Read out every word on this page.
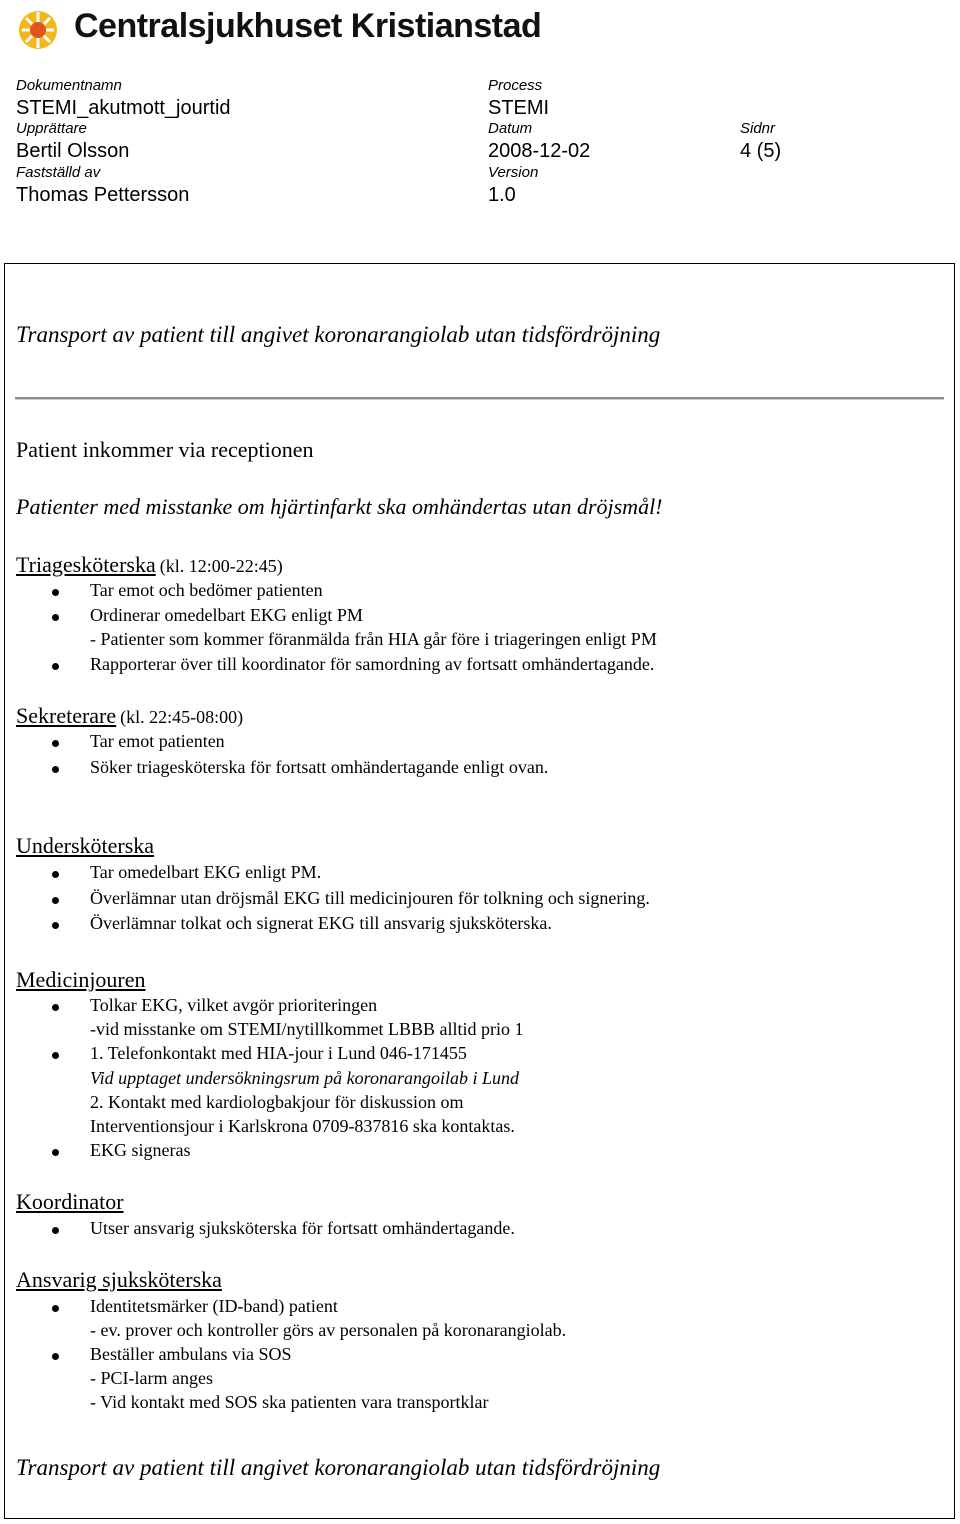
Centralsjukhuset Kristianstad
Dokumentnamn
STEMI_akutmott_jourtid
Process
STEMI
Upprättare
Bertil Olsson
Datum
2008-12-02
Sidnr
4 (5)
Fastställd av
Thomas Pettersson
Version
1.0
Transport av patient till angivet koronarangiolab utan tidsfördröjning
Patient inkommer via receptionen
Patienter med misstanke om hjärtinfarkt ska omhändertas utan dröjsmål!
Triagesköterska (kl. 12:00-22:45)
Tar emot och bedömer patienten
Ordinerar omedelbart EKG enligt PM
- Patienter som kommer föranmälda från HIA går före i triageringen enligt PM
Rapporterar över till koordinator för samordning av fortsatt omhändertagande.
Sekreterare (kl. 22:45-08:00)
Tar emot patienten
Söker triagesköterska för fortsatt omhändertagande enligt ovan.
Undersköterska
Tar omedelbart EKG enligt PM.
Överlämnar utan dröjsmål EKG till medicinjouren för tolkning och signering.
Överlämnar tolkat och signerat EKG till ansvarig sjuksköterska.
Medicinjouren
Tolkar EKG, vilket avgör prioriteringen
-vid misstanke om STEMI/nytillkommet LBBB alltid prio 1
1. Telefonkontakt med HIA-jour i Lund 046-171455
Vid upptaget undersökningsrum på koronarangoilab i Lund
2. Kontakt med kardiologbakjour för diskussion om
Interventionsjour i Karlskrona 0709-837816 ska kontaktas.
EKG signeras
Koordinator
Utser ansvarig sjuksköterska för fortsatt omhändertagande.
Ansvarig sjuksköterska
Identitetsmärker (ID-band) patient
- ev. prover och kontroller görs av personalen på koronarangiolab.
Beställer ambulans via SOS
- PCI-larm anges
- Vid kontakt med SOS ska patienten vara transportklar
Transport av patient till angivet koronarangiolab utan tidsfördröjning
